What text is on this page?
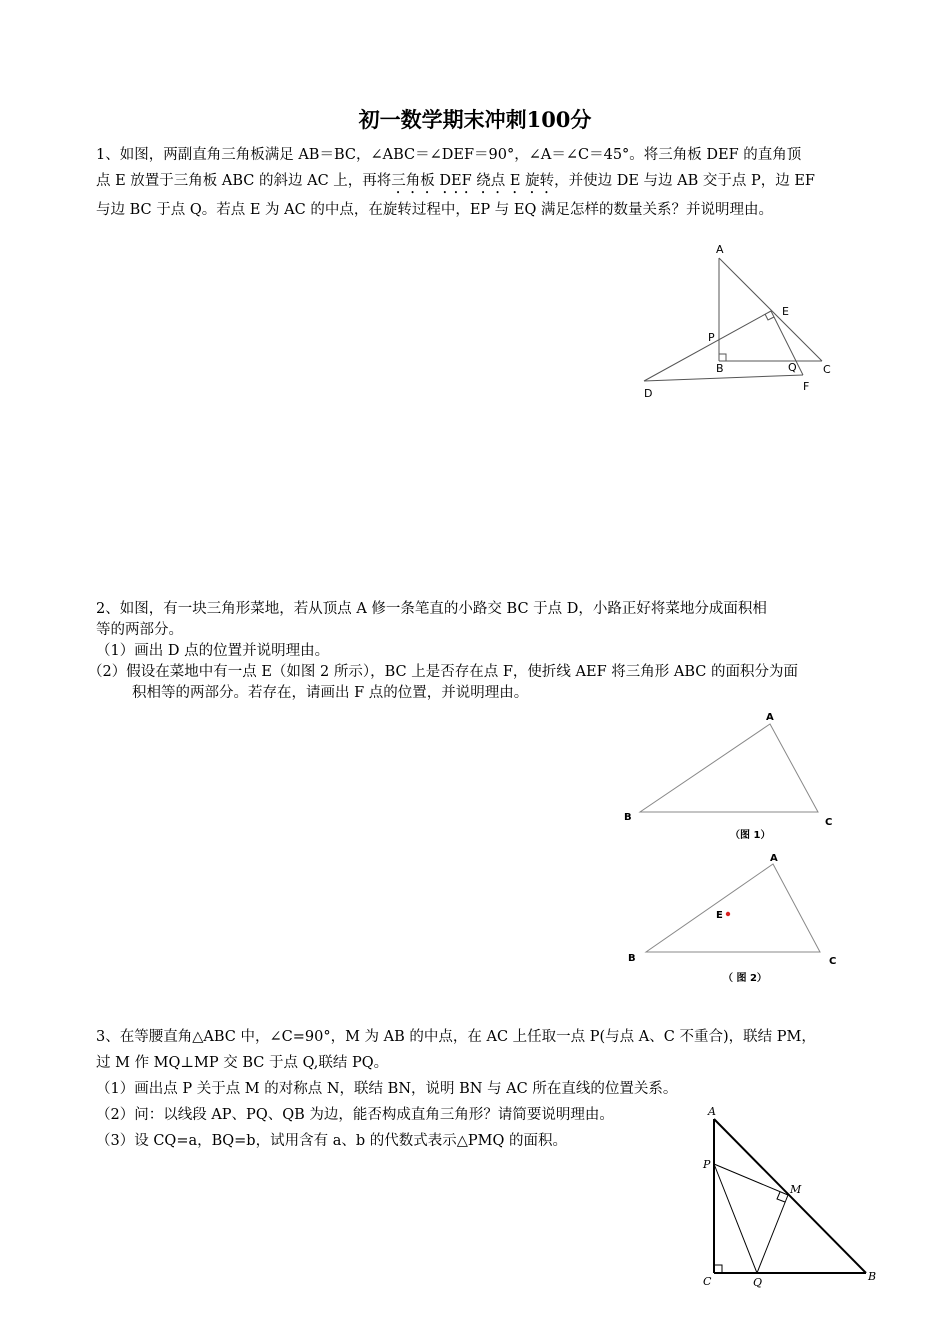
初一数学期末冲刺100分
1、如图，两副直角三角板满足 AB＝BC，∠ABC＝∠DEF＝90°，∠A＝∠C＝45°。将三角板 DEF 的直角顶
点 E 放置于三角板 ABC 的斜边 AC 上，再将三角板 DEF 绕点 E 旋转，并使边 DE 与边 AB 交于点 P，边 EF
与边 BC 于点 Q。若点 E 为 AC 的中点，在旋转过程中，EP 与 EQ 满足怎样的数量关系？并说明理由。
A
E
P
B	Q C
D
F
2、如图，有一块三角形菜地，若从顶点 A 修一条笔直的小路交 BC 于点 D，小路正好将菜地分成面积相
等的两部分。
（1）画出 D 点的位置并说明理由。
（2）假设在菜地中有一点 E（如图 2 所示），BC 上是否存在点 F，使折线 AEF 将三角形 ABC 的面积分为面
积相等的两部分。若存在，请画出 F 点的位置，并说明理由。
A
B	C
（图 1）
A
E
B	C
（ 图 2）
3、在等腰直角△ABC 中，∠C=90°，M 为 AB 的中点，在 AC 上任取一点 P(与点 A、C 不重合)，联结 PM，
过 M 作 MQ⊥MP 交 BC 于点 Q,联结 PQ。
（1）画出点 P 关于点 M 的对称点 N，联结 BN，说明 BN 与 AC 所在直线的位置关系。
（2）问：以线段 AP、PQ、QB 为边，能否构成直角三角形？请简要说明理由。
（3）设 CQ=a，BQ=b，试用含有 a、b 的代数式表示△PMQ 的面积。
A
P
M
C	Q	B
